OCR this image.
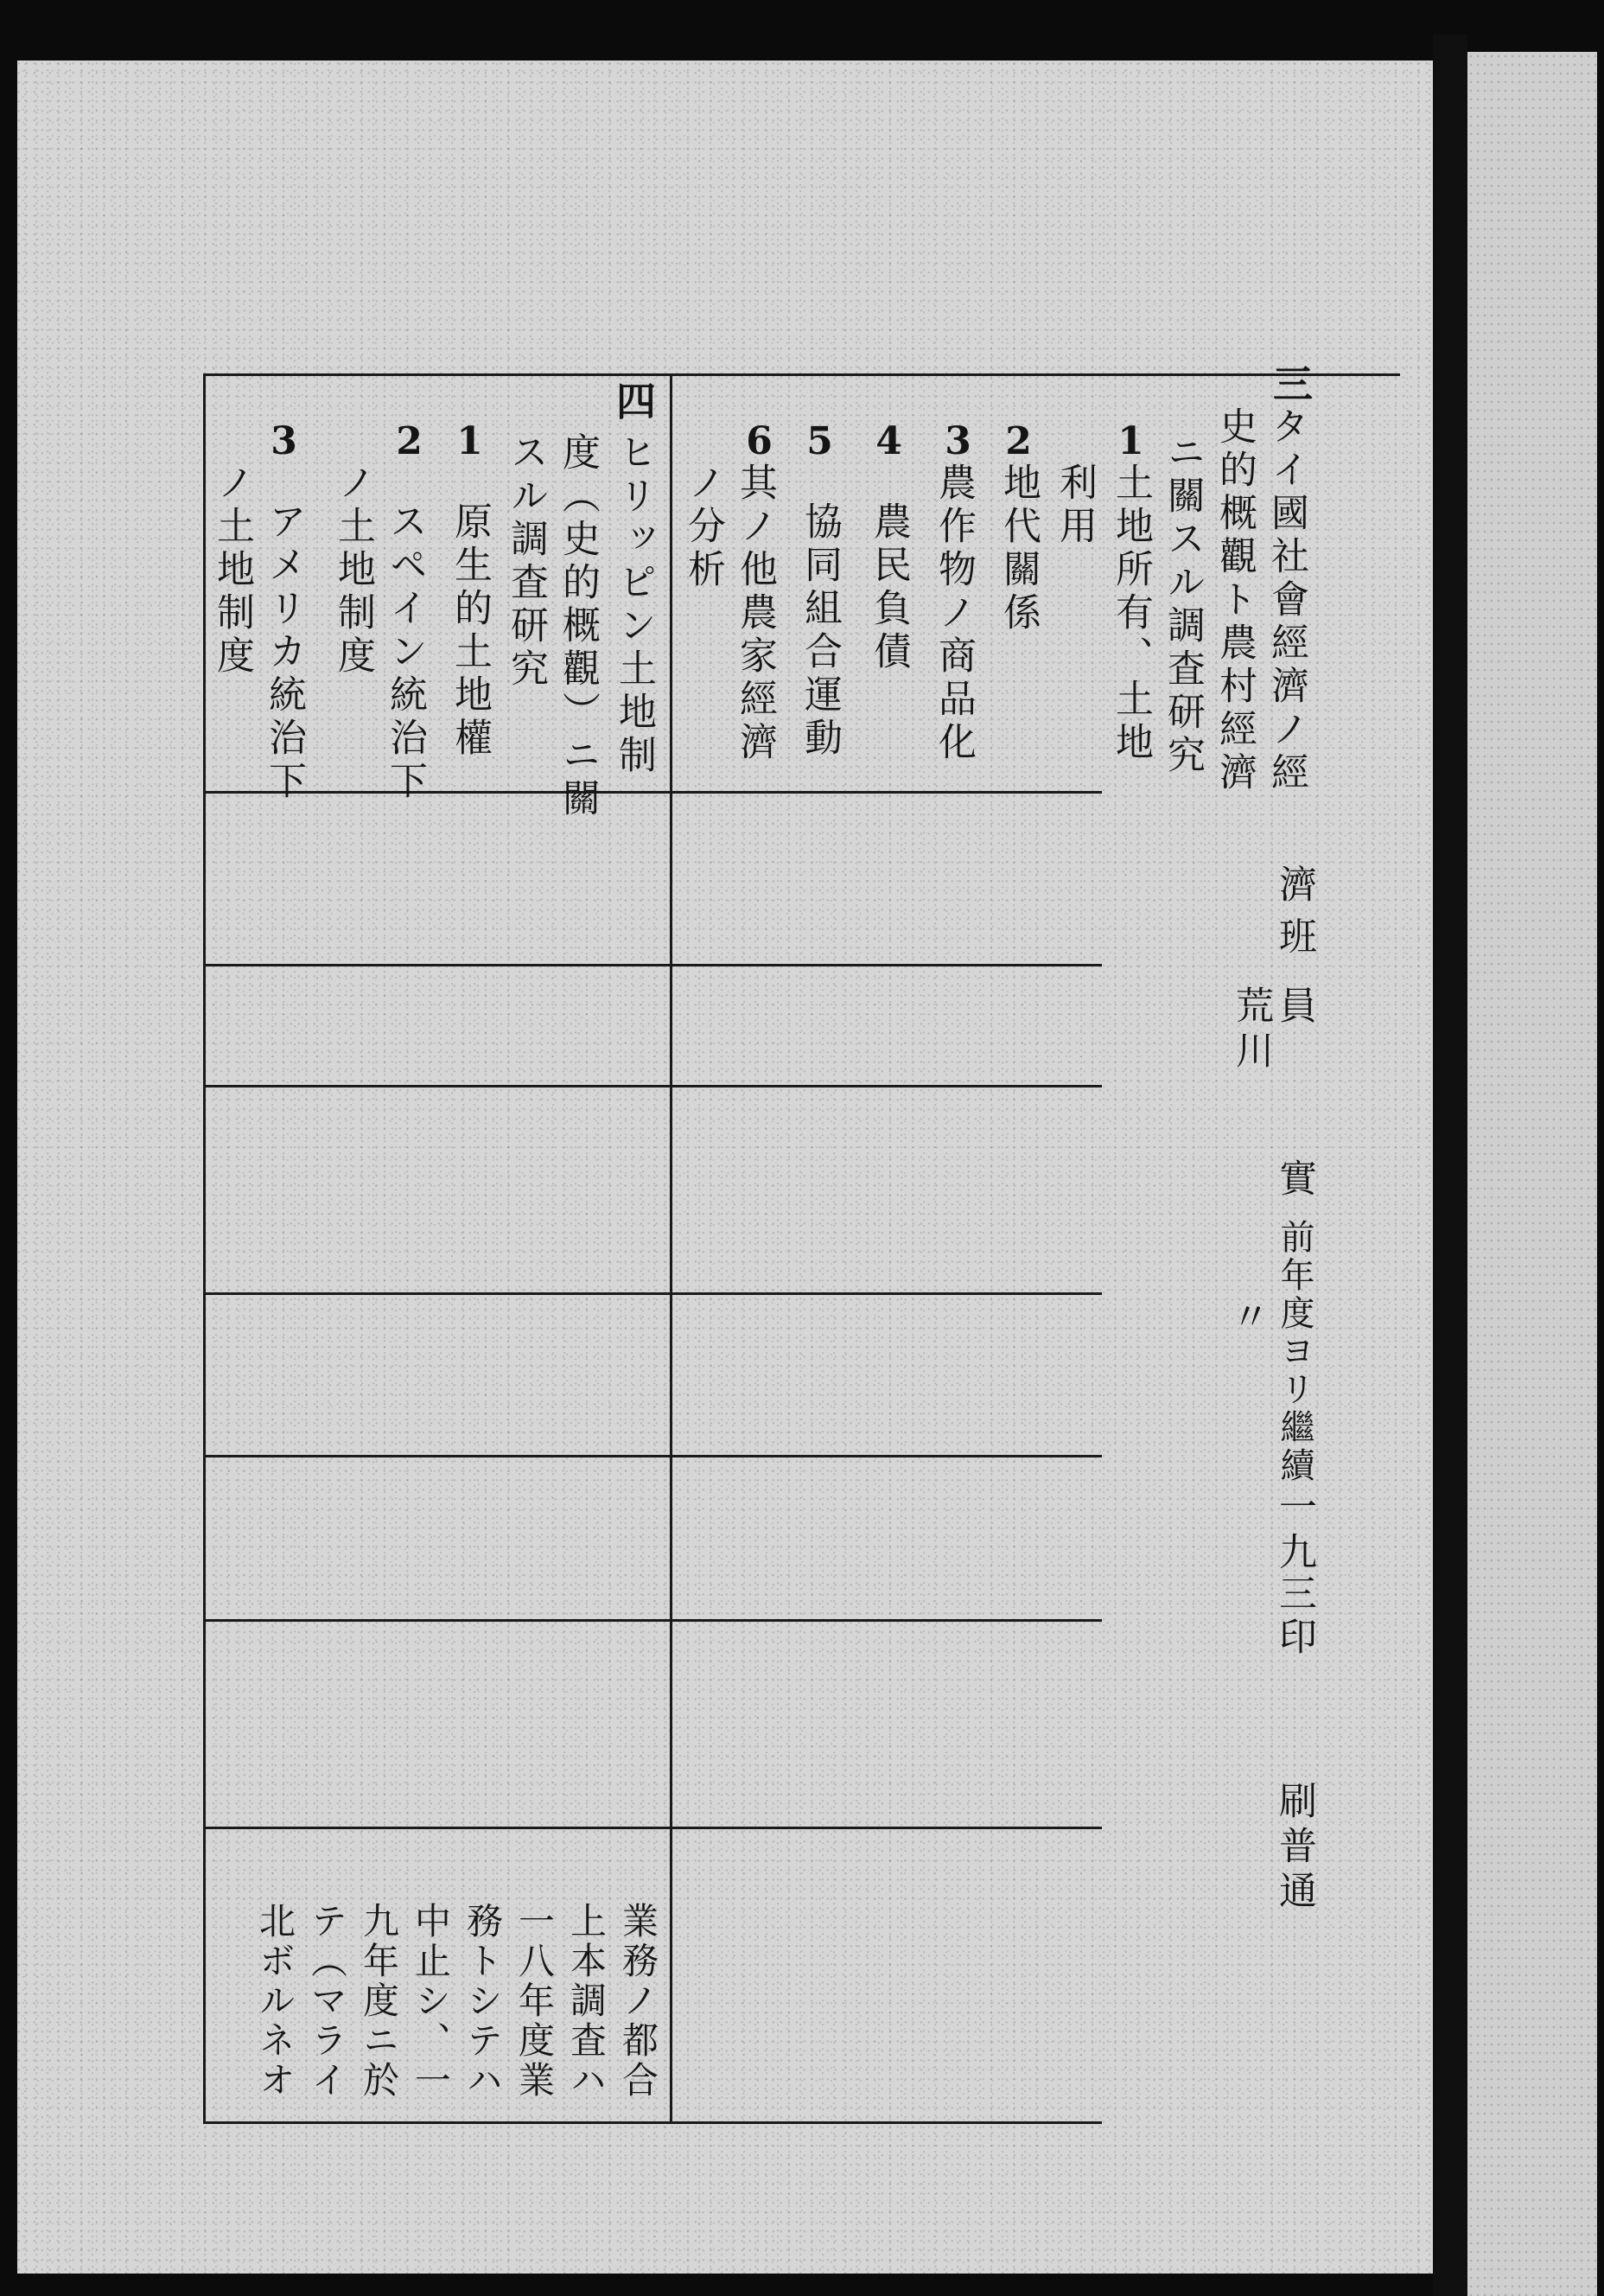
三
タイ國社會經濟ノ經
史的概觀ト農村經濟
ニ關スル調査研究
1
土地所有、土地
利用
2
地代關係
3
農作物ノ商品化
4
農民負債
5
協同組合運動
6
其ノ他農家經濟
ノ分析
四
ヒリッピン土地制
度（史的概觀）ニ關
スル調査研究
1
原生的土地權
2
スペイン統治下
ノ土地制度
3
アメリカ統治下
ノ土地制度
濟
班
員
荒川
實
〃 前年度ヨリ繼續
一九
三
印
刷普通
業務ノ都合
上本調査ハ
一八年度業
務トシテハ
中止シ、一
九年度ニ於
テ（マライ
北ボルネオ
